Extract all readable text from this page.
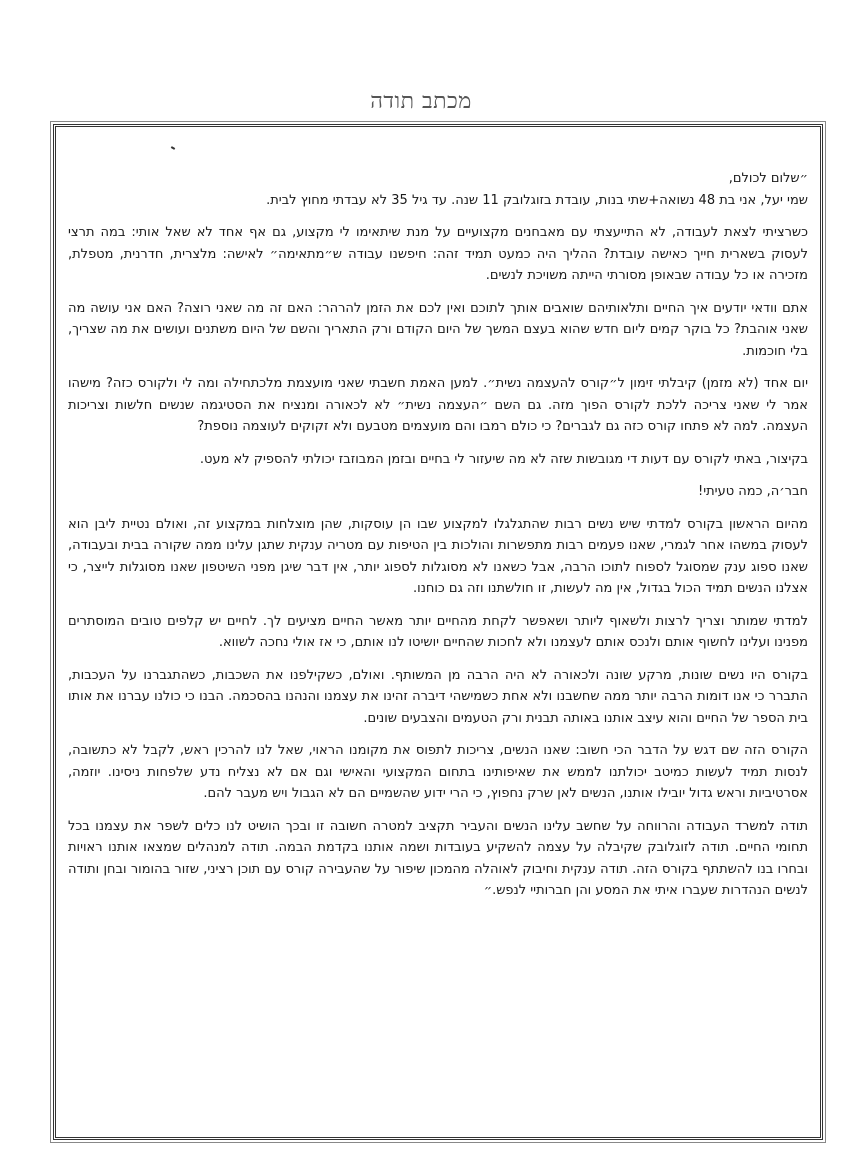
מכתב תודה

״שלום לכולם,

שמי יעל, אני בת 48 נשואה+שתי בנות, עובדת בזוגלובק 11 שנה. עד גיל 35 לא עבדתי מחוץ לבית.

כשרציתי לצאת לעבודה, לא התייעצתי עם מאבחנים מקצועיים על מנת שיתאימו לי מקצוע, גם אף אחד לא שאל אותי: במה תרצי לעסוק בשארית חייך כאישה עובדת? ההליך היה כמעט תמיד זהה: חיפשנו עבודה ש״מתאימה״ לאישה: מלצרית, חדרנית, מטפלת, מזכירה או כל עבודה שבאופן מסורתי הייתה משויכת לנשים.

אתם וודאי יודעים איך החיים ותלאותיהם שואבים אותך לתוכם ואין לכם את הזמן להרהר: האם זה מה שאני רוצה? האם אני עושה מה שאני אוהבת? כל בוקר קמים ליום חדש שהוא בעצם המשך של היום הקודם ורק התאריך והשם של היום משתנים ועושים את מה שצריך, בלי חוכמות.

יום אחד (לא מזמן) קיבלתי זימון ל״קורס להעצמה נשית״. למען האמת חשבתי שאני מועצמת מלכתחילה ומה לי ולקורס כזה? מישהו אמר לי שאני צריכה ללכת לקורס הפוך מזה. גם השם ״העצמה נשית״ לא לכאורה ומנציח את הסטיגמה שנשים חלשות וצריכות העצמה. למה לא פתחו קורס כזה גם לגברים? כי כולם רמבו והם מועצמים מטבעם ולא זקוקים לעוצמה נוספת?

בקיצור, באתי לקורס עם דעות די מגובשות שזה לא מה שיעזור לי בחיים ובזמן המבוזבז יכולתי להספיק לא מעט.

חבר׳ה, כמה טעיתי!

מהיום הראשון בקורס למדתי שיש נשים רבות שהתגלגלו למקצוע שבו הן עוסקות, שהן מוצלחות במקצוע זה, ואולם נטיית ליבן הוא לעסוק במשהו אחר לגמרי, שאנו פעמים רבות מתפשרות והולכות בין הטיפות עם מטריה ענקית שתגן עלינו ממה שקורה בבית ובעבודה, שאנו ספוג ענק שמסוגל לספוח לתוכו הרבה, אבל כשאנו לא מסוגלות לספוג יותר, אין דבר שיגן מפני השיטפון שאנו מסוגלות לייצר, כי אצלנו הנשים תמיד הכול בגדול, אין מה לעשות, זו חולשתנו וזה גם כוחנו.

למדתי שמותר וצריך לרצות ולשאוף ליותר ושאפשר לקחת מהחיים יותר מאשר החיים מציעים לך. לחיים יש קלפים טובים המוסתרים מפנינו ועלינו לחשוף אותם ולנכס אותם לעצמנו ולא לחכות שהחיים יושיטו לנו אותם, כי אז אולי נחכה לשווא.

בקורס היו נשים שונות, מרקע שונה ולכאורה לא היה הרבה מן המשותף. ואולם, כשקילפנו את השכבות, כשהתגברנו על העכבות, התברר כי אנו דומות הרבה יותר ממה שחשבנו ולא אחת כשמישהי דיברה זהינו את עצמנו והנהנו בהסכמה. הבנו כי כולנו עברנו את אותו בית הספר של החיים והוא עיצב אותנו באותה תבנית ורק הטעמים והצבעים שונים.

הקורס הזה שם דגש על הדבר הכי חשוב: שאנו הנשים, צריכות לתפוס את מקומנו הראוי, שאל לנו להרכין ראש, לקבל לא כתשובה, לנסות תמיד לעשות כמיטב יכולתנו לממש את שאיפותינו בתחום המקצועי והאישי וגם אם לא נצליח נדע שלפחות ניסינו. יוזמה, אסרטיביות וראש גדול יובילו אותנו, הנשים לאן שרק נחפוץ, כי הרי ידוע שהשמיים הם לא הגבול ויש מעבר להם.

תודה למשרד העבודה והרווחה על שחשב עלינו הנשים והעביר תקציב למטרה חשובה זו ובכך הושיט לנו כלים לשפר את עצמנו בכל תחומי החיים. תודה לזוגלובק שקיבלה על עצמה להשקיע בעובדות ושמה אותנו בקדמת הבמה. תודה למנהלים שמצאו אותנו ראויות ובחרו בנו להשתתף בקורס הזה. תודה ענקית וחיבוק לאוהלה מהמכון שיפור על שהעבירה קורס עם תוכן רציני, שזור בהומור ובחן ותודה לנשים הנהדרות שעברו איתי את המסע והן חברותיי לנפש.״
